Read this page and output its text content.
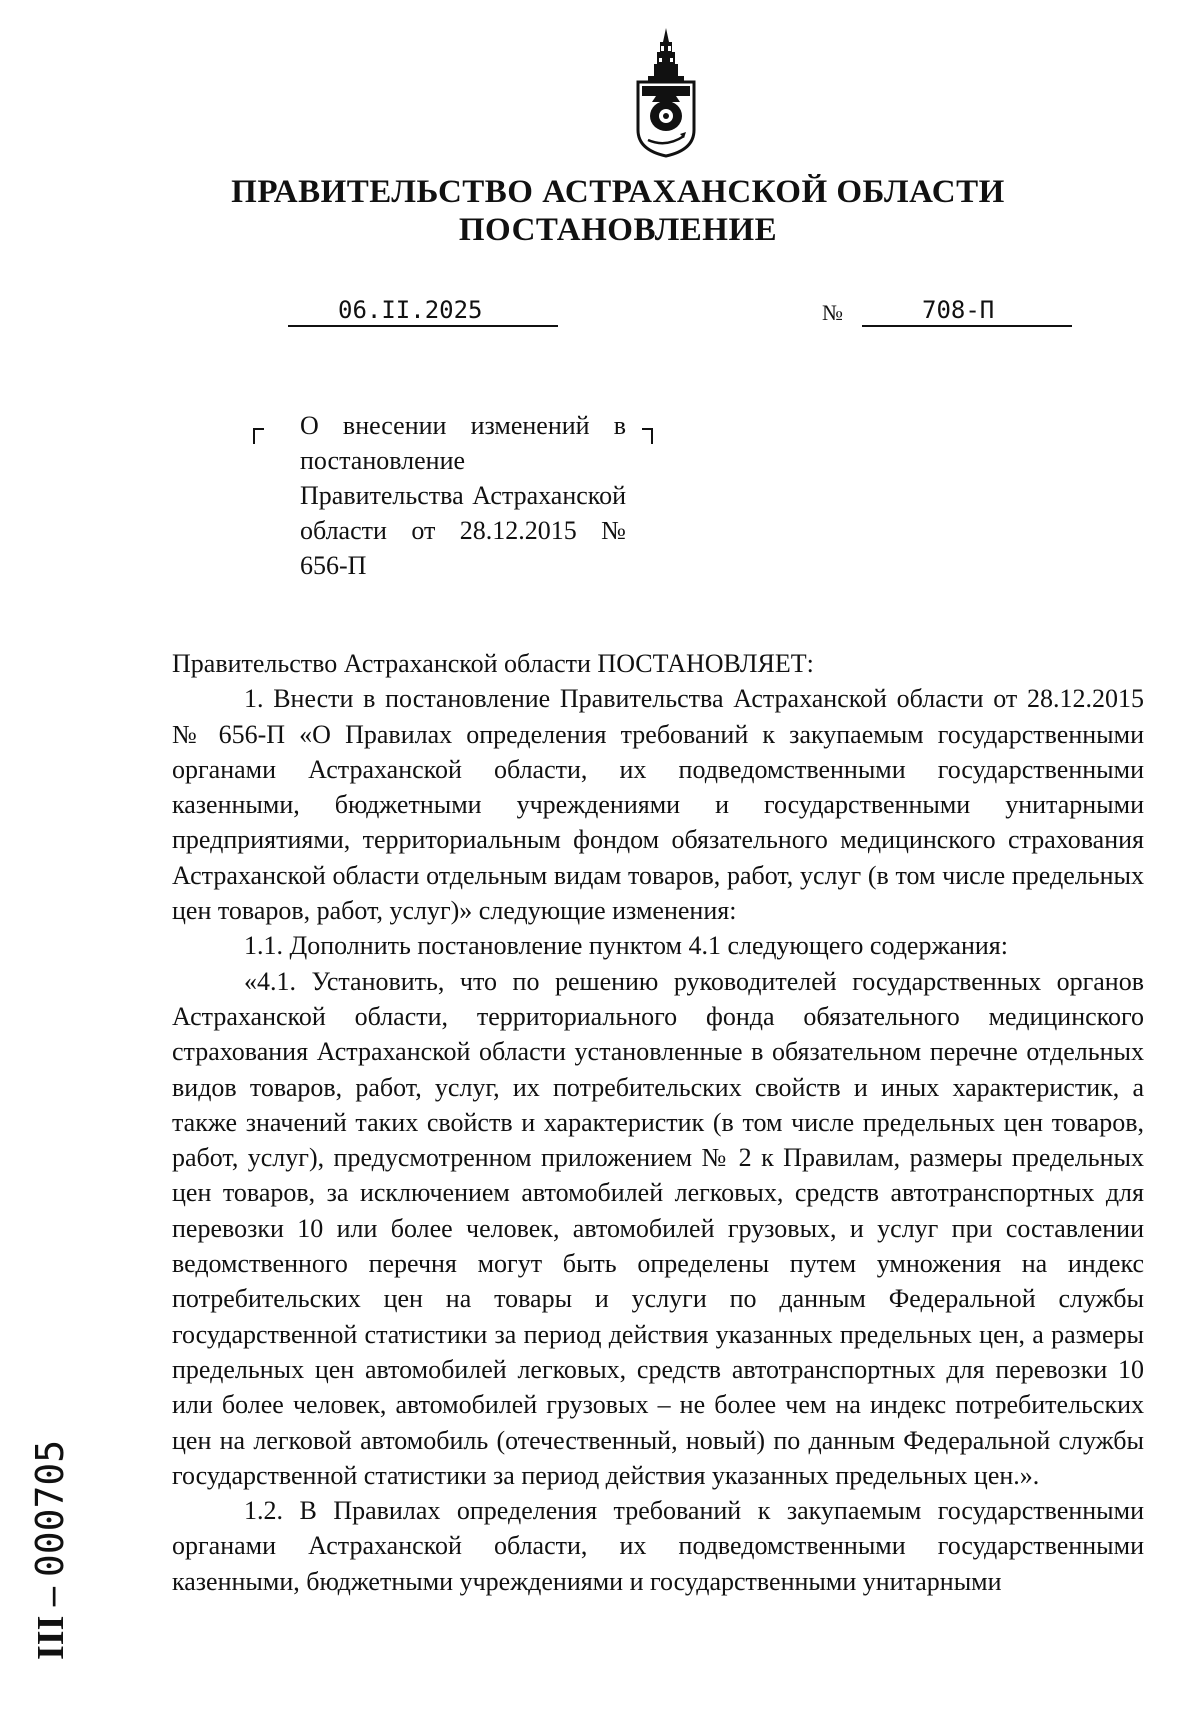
ПРАВИТЕЛЬСТВО АСТРАХАНСКОЙ ОБЛАСТИ
ПОСТАНОВЛЕНИЕ
06.II.2025	№	708-П
О внесении изменений в постановление Правительства Астраханской области от 28.12.2015 № 656-П

Правительство Астраханской области ПОСТАНОВЛЯЕТ:

1. Внести в постановление Правительства Астраханской области от 28.12.2015 № 656-П «О Правилах определения требований к закупаемым государственными органами Астраханской области, их подведомственными государственными казенными, бюджетными учреждениями и государственными унитарными предприятиями, территориальным фондом обязательного медицинского страхования Астраханской области отдельным видам товаров, работ, услуг (в том числе предельных цен товаров, работ, услуг)» следующие изменения:

1.1. Дополнить постановление пунктом 4.1 следующего содержания:

«4.1. Установить, что по решению руководителей государственных органов Астраханской области, территориального фонда обязательного медицинского страхования Астраханской области установленные в обязательном перечне отдельных видов товаров, работ, услуг, их потребительских свойств и иных характеристик, а также значений таких свойств и характеристик (в том числе предельных цен товаров, работ, услуг), предусмотренном приложением № 2 к Правилам, размеры предельных цен товаров, за исключением автомобилей легковых, средств автотранспортных для перевозки 10 или более человек, автомобилей грузовых, и услуг при составлении ведомственного перечня могут быть определены путем умножения на индекс потребительских цен на товары и услуги по данным Федеральной службы государственной статистики за период действия указанных предельных цен, а размеры предельных цен автомобилей легковых, средств автотранспортных для перевозки 10 или более человек, автомобилей грузовых – не более чем на индекс потребительских цен на легковой автомобиль (отечественный, новый) по данным Федеральной службы государственной статистики за период действия указанных предельных цен.».

1.2. В Правилах определения требований к закупаемым государственными органами Астраханской области, их подведомственными государственными казенными, бюджетными учреждениями и государственными унитарными

ІІІ –000705
